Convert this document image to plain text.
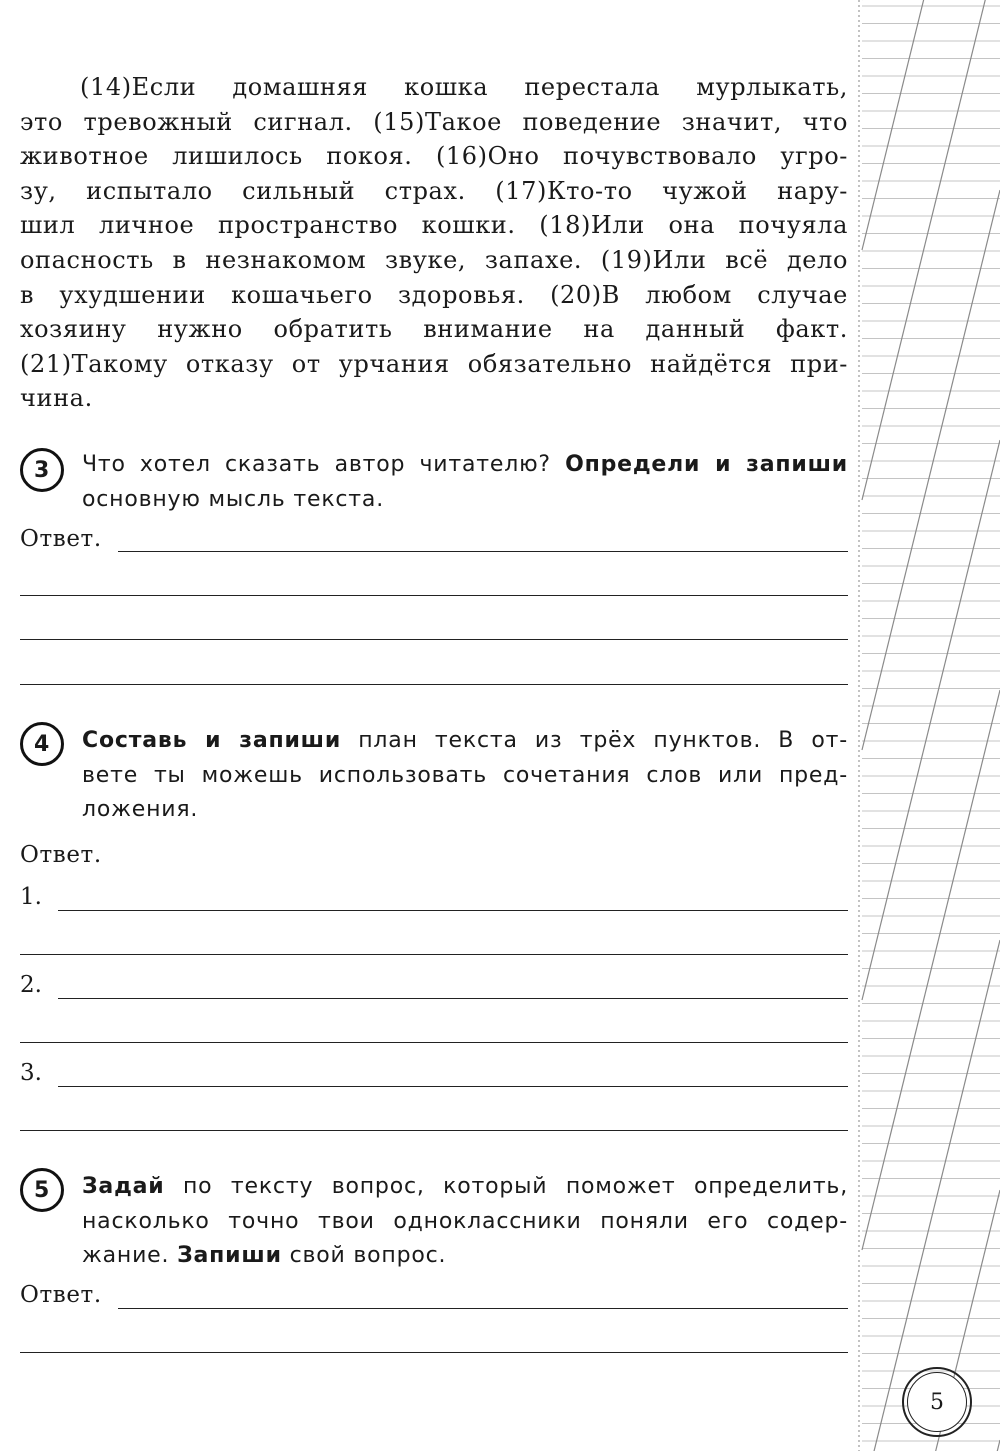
(14)Если домашняя кошка перестала мурлыкать,
это тревожный сигнал. (15)Такое поведение значит, что
животное лишилось покоя. (16)Оно почувствовало угро-
зу, испытало сильный страх. (17)Кто-то чужой нару-
шил личное пространство кошки. (18)Или она почуяла
опасность в незнакомом звуке, запахе. (19)Или всё дело
в ухудшении кошачьего здоровья. (20)В любом случае
хозяину нужно обратить внимание на данный факт.
(21)Такому отказу от урчания обязательно найдётся при-
чина.
3	Что хотел сказать автор читателю? Определи и запиши
основную мысль текста.
Ответ.
4	Составь и запиши план текста из трёх пунктов. В от-
вете ты можешь использовать сочетания слов или пред-
ложения.
Ответ.
1.
2.
3.
5	Задай по тексту вопрос, который поможет определить,
насколько точно твои одноклассники поняли его содер-
жание. Запиши свой вопрос.
Ответ.
5
